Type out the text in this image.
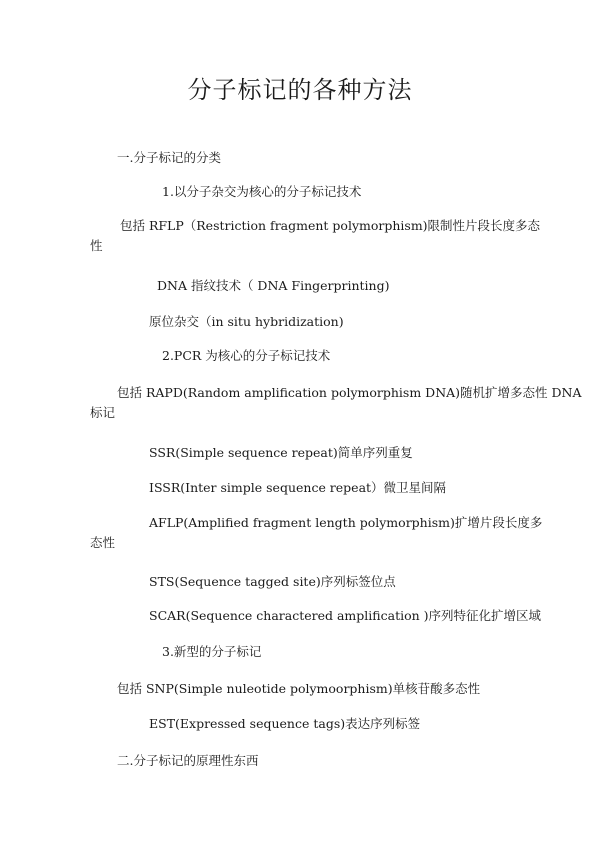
分子标记的各种方法
一.分子标记的分类
1.以分子杂交为核心的分子标记技术
包括 RFLP（Restriction fragment polymorphism)限制性片段长度多态
性
DNA 指纹技术（ DNA Fingerprinting)
原位杂交（in situ hybridization)
2.PCR 为核心的分子标记技术
包括 RAPD(Random amplification polymorphism DNA)随机扩增多态性 DNA
标记
SSR(Simple sequence repeat)简单序列重复
ISSR(Inter simple sequence repeat）微卫星间隔
AFLP(Amplified fragment length polymorphism)扩增片段长度多
态性
STS(Sequence tagged site)序列标签位点
SCAR(Sequence charactered amplification )序列特征化扩增区域
3.新型的分子标记
包括 SNP(Simple nuleotide polymoorphism)单核苷酸多态性
EST(Expressed sequence tags)表达序列标签
二.分子标记的原理性东西
